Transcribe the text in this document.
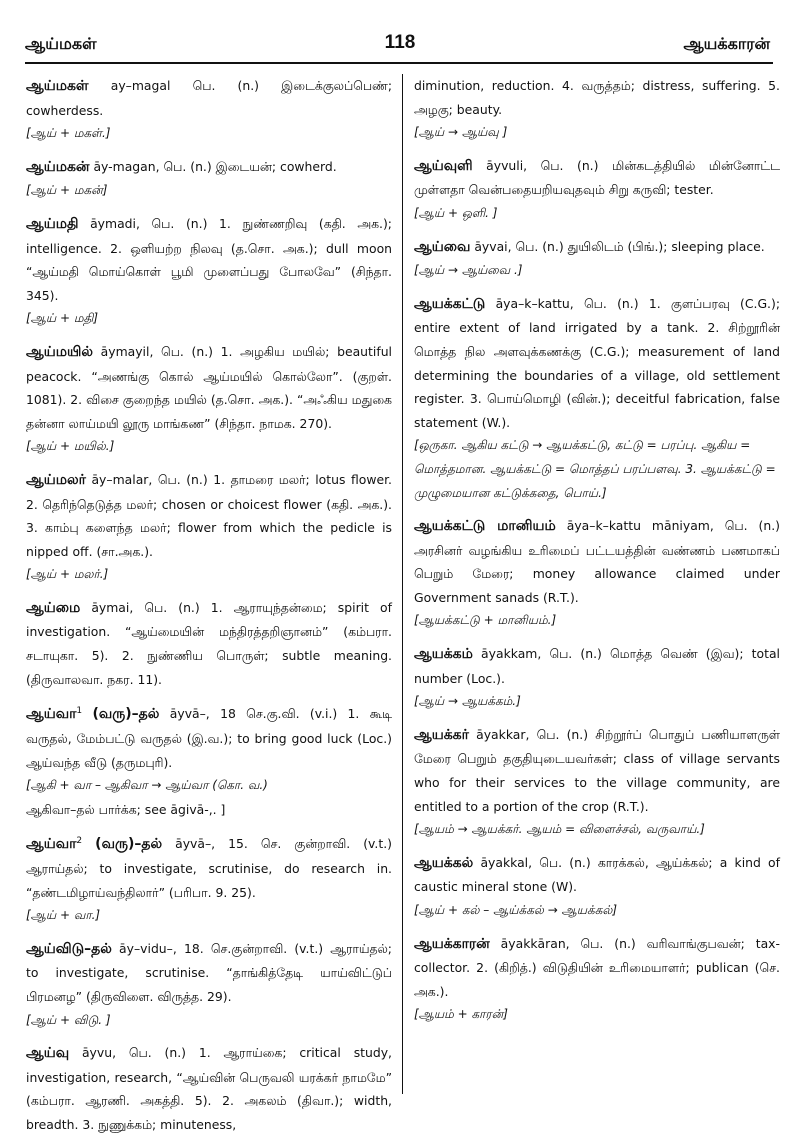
ஆய்மகள்	118	ஆயக்காரன்

ஆய்மகள் ay–magal பெ. (n.) இடைக்குலப்பெண்; cowherdess.

[ஆய் + மகள்.]

ஆய்மகன் āy-magan, பெ. (n.) இடையன்; cowherd.

[ஆய் + மகன்]

ஆய்மதி āymadi, பெ. (n.) 1. நுண்ணறிவு (கதி. அக.); intelligence. 2. ஒளியற்ற நிலவு (த.சொ. அக.); dull moon “ஆய்மதி மொய்கொள் பூமி முளைப்பது போலவே” (சிந்தா. 345).

[ஆய் + மதி]

ஆய்மயில் āymayil, பெ. (n.) 1. அழகிய மயில்; beautiful peacock. “அணங்கு கொல் ஆய்மயில் கொல்லோ”. (குறள். 1081). 2. விசை குறைந்த மயில் (த.சொ. அக.). “அஃகிய மதுகை தன்னா லாய்மயி லூரு மாங்கண” (சிந்தா. நாமக. 270).

[ஆய் + மயில்.]

ஆய்மலர் āy–malar, பெ. (n.) 1. தாமரை மலர்; lotus flower. 2. தெரிந்தெடுத்த மலர்; chosen or choicest flower (கதி. அக.). 3. காம்பு களைந்த மலர்; flower from which the pedicle is nipped off. (சா.அக.).

[ஆய் + மலர்.]

ஆய்மை āymai, பெ. (n.) 1. ஆராயுந்தன்மை; spirit of investigation. “ஆய்மையின் மந்திரத்தறிஞானம்” (கம்பரா. சடாயுகா. 5). 2. நுண்ணிய பொருள்; subtle meaning. (திருவாலவா. நகர. 11).

ஆய்வா$^1$ (வரு)–தல் āyvā–, 18 செ.கு.வி. (v.i.) 1. கூடி வருதல், மேம்பட்டு வருதல் (இ.வ.); to bring good luck (Loc.) ஆய்வந்த வீடு (தருமபுரி).

[ஆகி + வா – ஆகிவா → ஆய்வா (கொ. வ.)

ஆகிவா–தல் பார்க்க; see āgivā-,. ]

ஆய்வா$^2$ (வரு)–தல் āyvā–, 15. செ. குன்றாவி. (v.t.) ஆராய்தல்; to investigate, scrutinise, do research in. “தண்டமிழாய்வந்திலார்” (பரிபா. 9. 25).

[ஆய் + வா.]

ஆய்விடு–தல் āy–vidu–, 18. செ.குன்றாவி. (v.t.) ஆராய்தல்; to investigate, scrutinise. “தாங்கித்தேடி யாய்விட்டுப் பிரமனழ” (திருவிளை. விருத்த. 29).

[ஆய் + விடு. ]

ஆய்வு āyvu, பெ. (n.) 1. ஆராய்கை; critical study, investigation, research, “ஆய்வின் பெருவலி யரக்கர் நாமமே” (கம்பரா. ஆரணி. அகத்தி. 5). 2. அகலம் (திவா.); width, breadth. 3. நுணுக்கம்; minuteness,

diminution, reduction. 4. வருத்தம்; distress, suffering. 5. அழகு; beauty.

[ஆய் → ஆய்வு ]

ஆய்வுளி āyvuli, பெ. (n.) மின்கடத்தியில் மின்னோட்ட முள்ளதா வென்பதையறியவுதவும் சிறு கருவி; tester.

[ஆய் + ஒளி. ]

ஆய்வை āyvai, பெ. (n.) துயிலிடம் (பிங்.); sleeping place.

[ஆய் → ஆய்வை .]

ஆயக்கட்டு āya–k–kattu, பெ. (n.) 1. குளப்பரவு (C.G.); entire extent of land irrigated by a tank. 2. சிற்றூரின் மொத்த நில அளவுக்கணக்கு (C.G.); measurement of land determining the boundaries of a village, old settlement register. 3. பொய்மொழி (வின்.); deceitful fabrication, false statement (W.).

[ஒருகா. ஆகிய கட்டு → ஆயக்கட்டு, கட்டு = பரப்பு. ஆகிய = மொத்தமான. ஆயக்கட்டு = மொத்தப் பரப்பளவு. 3. ஆயக்கட்டு = முழுமையான கட்டுக்கதை, பொய்.]

ஆயக்கட்டு மானியம் āya–k–kattu māniyam, பெ. (n.) அரசினர் வழங்கிய உரிமைப் பட்டயத்தின் வண்ணம் பணமாகப் பெறும் மேரை; money allowance claimed under Government sanads (R.T.).

[ஆயக்கட்டு + மானியம்.]

ஆயக்கம் āyakkam, பெ. (n.) மொத்த வெண் (இவ); total number (Loc.).

[ஆய் → ஆயக்கம்.]

ஆயக்கர் āyakkar, பெ. (n.) சிற்றூர்ப் பொதுப் பணியாளருள் மேரை பெறும் தகுதியுடையவர்கள்; class of village servants who for their services to the village community, are entitled to a portion of the crop (R.T.).

[ஆயம் → ஆயக்கர். ஆயம் = விளைச்சல், வருவாய்.]

ஆயக்கல் āyakkal, பெ. (n.) காரக்கல், ஆய்க்கல்; a kind of caustic mineral stone (W).

[ஆய் + கல் – ஆய்க்கல் → ஆயக்கல்]

ஆயக்காரன் āyakkāran, பெ. (n.) வரிவாங்குபவன்; tax-collector. 2. (கிறித்.) விடுதியின் உரிமையாளர்; publican (செ. அக.).

[ஆயம் + காரன்]
